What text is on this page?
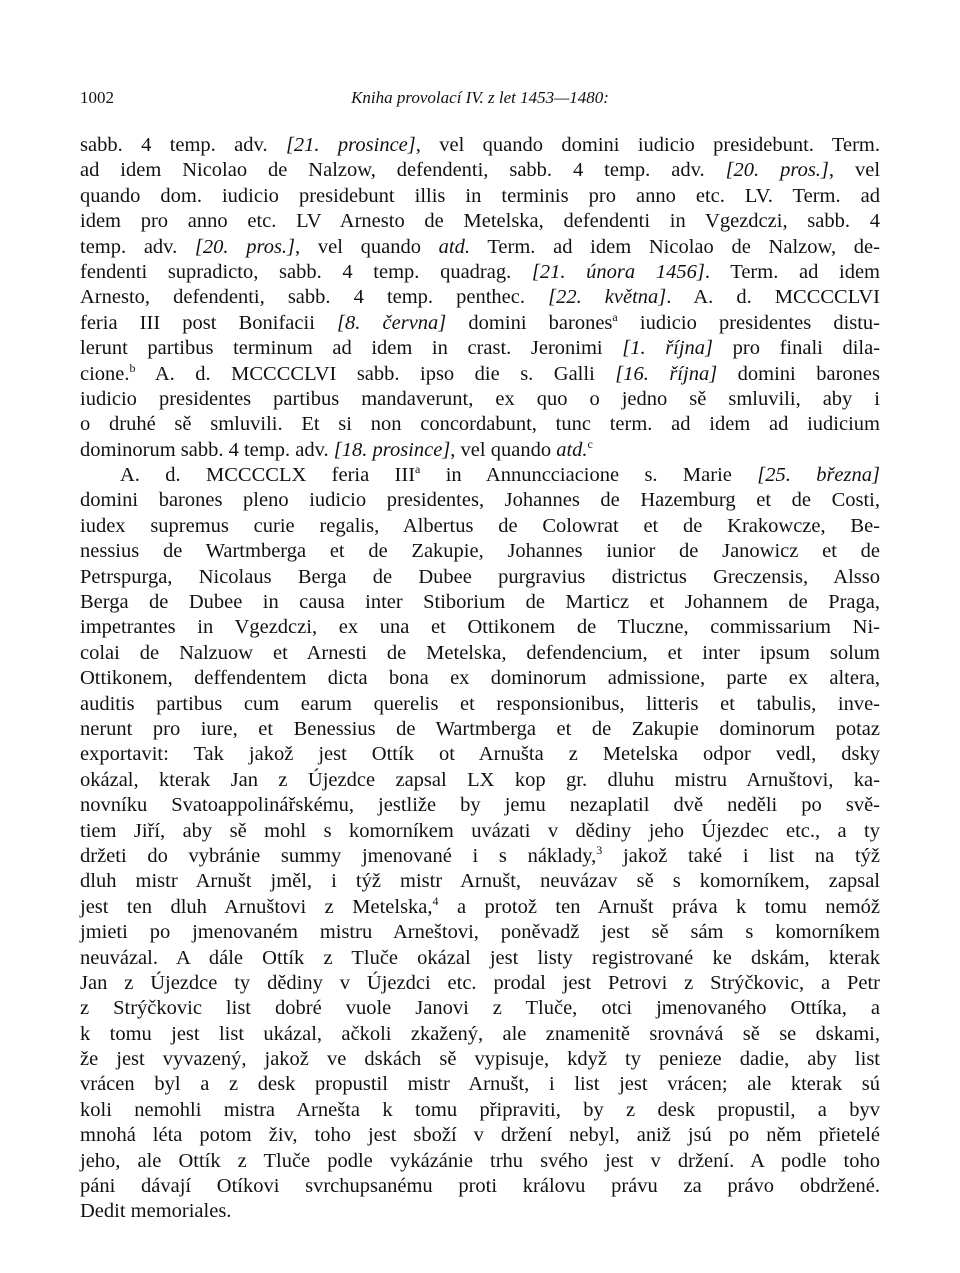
1002	Kniha provolací IV. z let 1453—1480:
sabb. 4 temp. adv. [21. prosince], vel quando domini iudicio presidebunt. Term.
ad idem Nicolao de Nalzow, defendenti, sabb. 4 temp. adv. [20. pros.], vel
quando dom. iudicio presidebunt illis in terminis pro anno etc. LV. Term. ad
idem pro anno etc. LV Arnesto de Metelska, defendenti in Vgezdczi, sabb. 4
temp. adv. [20. pros.], vel quando atd. Term. ad idem Nicolao de Nalzow, de-
fendenti supradicto, sabb. 4 temp. quadrag. [21. února 1456]. Term. ad idem
Arnesto, defendenti, sabb. 4 temp. penthec. [22. května]. A. d. MCCCCLVI
feria III post Bonifacii [8. června] domini barones$^a$ iudicio presidentes distu-
lerunt partibus terminum ad idem in crast. Jeronimi [1. října] pro finali dila-
cione.$^b$ A. d. MCCCCLVI sabb. ipso die s. Galli [16. října] domini barones
iudicio presidentes partibus mandaverunt, ex quo o jedno sě smluvili, aby i
o druhé sě smluvili. Et si non concordabunt, tunc term. ad idem ad iudicium
dominorum sabb. 4 temp. adv. [18. prosince], vel quando atd.$^c$
A. d. MCCCCLX feria III$^a$ in Annuncciacione s. Marie [25. března]
domini barones pleno iudicio presidentes, Johannes de Hazemburg et de Costi,
iudex supremus curie regalis, Albertus de Colowrat et de Krakowcze, Be-
nessius de Wartmberga et de Zakupie, Johannes iunior de Janowicz et de
Petrspurga, Nicolaus Berga de Dubee purgravius districtus Greczensis, Alsso
Berga de Dubee in causa inter Stiborium de Marticz et Johannem de Praga,
impetrantes in Vgezdczi, ex una et Ottikonem de Tluczne, commissarium Ni-
colai de Nalzuow et Arnesti de Metelska, defendencium, et inter ipsum solum
Ottikonem, deffendentem dicta bona ex dominorum admissione, parte ex altera,
auditis partibus cum earum querelis et responsionibus, litteris et tabulis, inve-
nerunt pro iure, et Benessius de Wartmberga et de Zakupie dominorum potaz
exportavit: Tak jakož jest Ottík ot Arnušta z Metelska odpor vedl, dsky
okázal, kterak Jan z Újezdce zapsal LX kop gr. dluhu mistru Arnuštovi, ka-
novníku Svatoappolinářskému, jestliže by jemu nezaplatil dvě neděli po svě-
tiem Jiří, aby sě mohl s komorníkem uvázati v dědiny jeho Újezdec etc., a ty
držeti do vybránie summy jmenované i s náklady,$^3$ jakož také i list na týž
dluh mistr Arnušt jměl, i týž mistr Arnušt, neuvázav sě s komorníkem, zapsal
jest ten dluh Arnuštovi z Metelska,$^4$ a protož ten Arnušt práva k tomu nemóž
jmieti po jmenovaném mistru Arneštovi, poněvadž jest sě sám s komorníkem
neuvázal. A dále Ottík z Tluče okázal jest listy registrované ke dskám, kterak
Jan z Újezdce ty dědiny v Újezdci etc. prodal jest Petrovi z Strýčkovic, a Petr
z Strýčkovic list dobré vuole Janovi z Tluče, otci jmenovaného Ottíka, a
k tomu jest list ukázal, ačkoli zkažený, ale znamenitě srovnává sě se dskami,
že jest vyvazený, jakož ve dskách sě vypisuje, když ty penieze dadie, aby list
vrácen byl a z desk propustil mistr Arnušt, i list jest vrácen; ale kterak sú
koli nemohli mistra Arnešta k tomu připraviti, by z desk propustil, a byv
mnohá léta potom živ, toho jest sboží v držení nebyl, aniž jsú po něm přietelé
jeho, ale Ottík z Tluče podle vykázánie trhu svého jest v držení. A podle toho
páni dávají Otíkovi svrchupsanému proti královu právu za právo obdržené.
Dedit memoriales.
